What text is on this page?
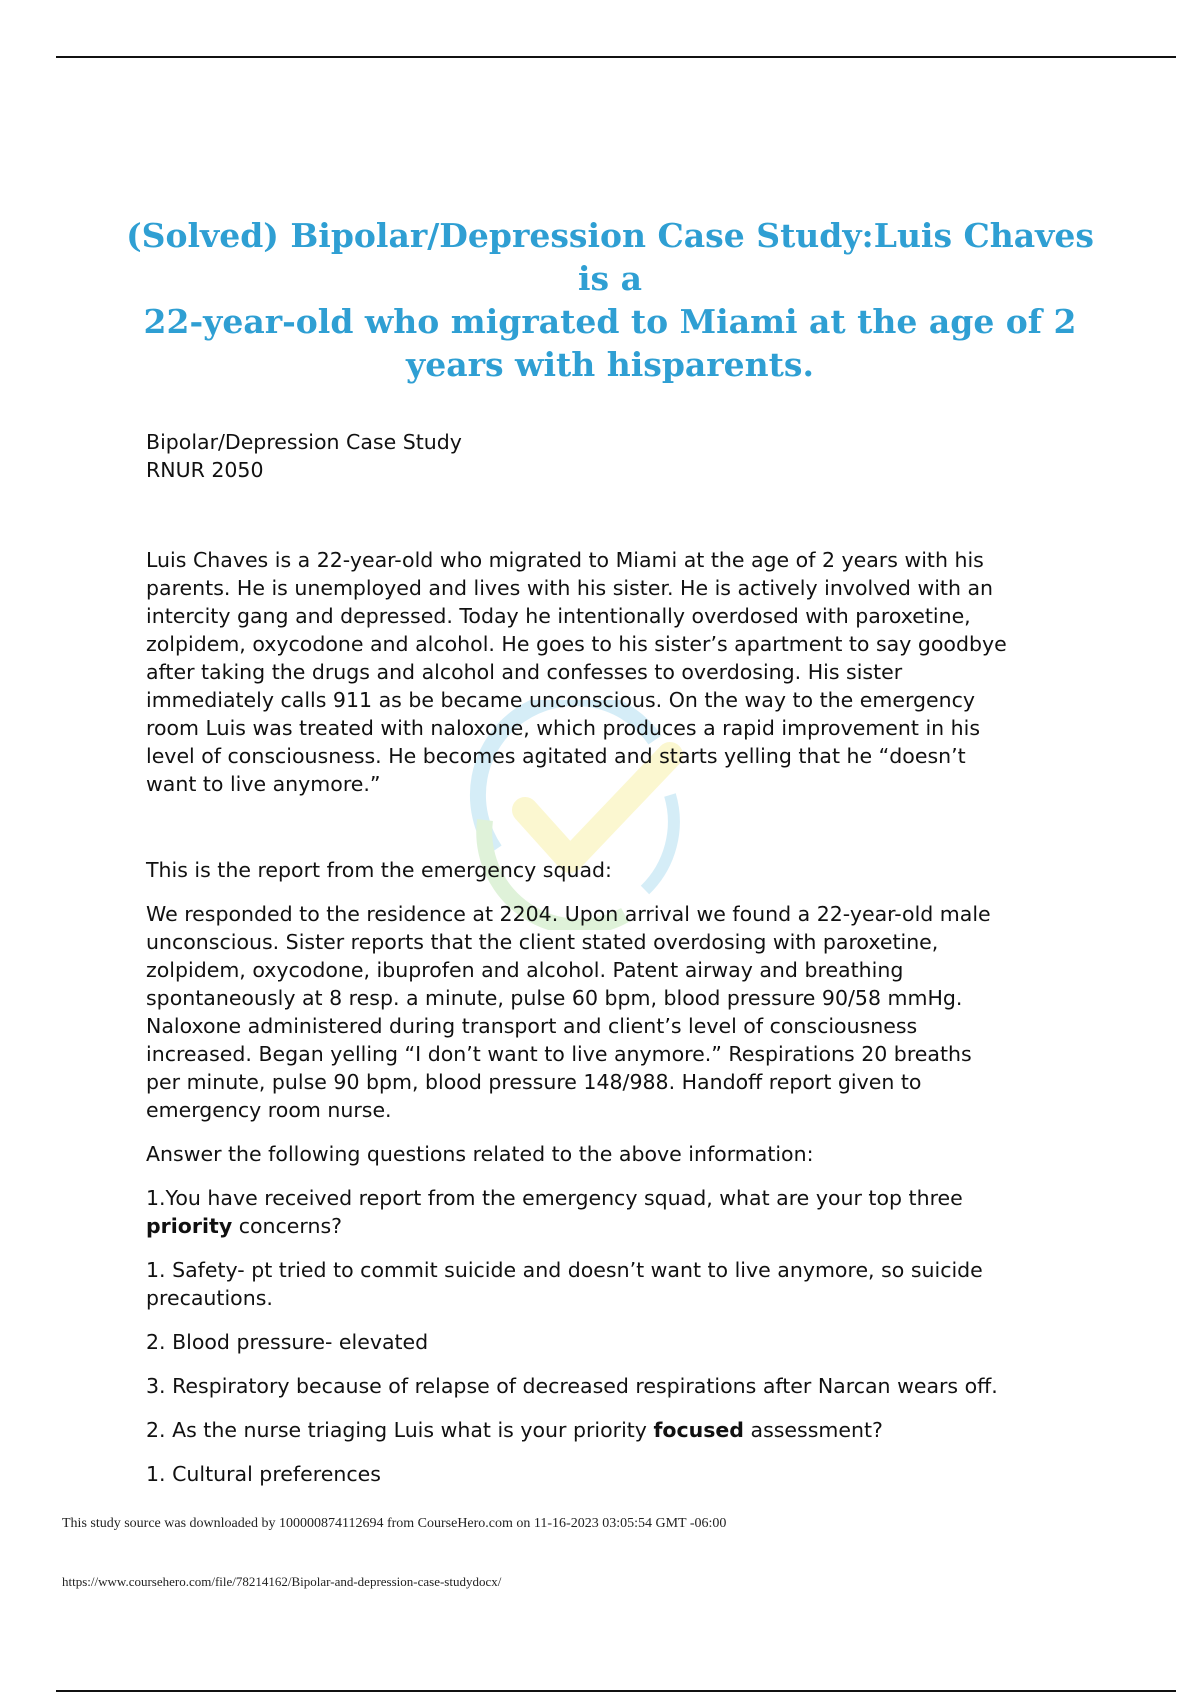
(Solved) Bipolar/Depression Case Study:Luis Chaves is a
22-year-old who migrated to Miami at the age of 2
years with hisparents.

Bipolar/Depression Case Study
RNUR 2050

Luis Chaves is a 22-year-old who migrated to Miami at the age of 2 years with his
parents. He is unemployed and lives with his sister. He is actively involved with an
intercity gang and depressed. Today he intentionally overdosed with paroxetine,
zolpidem, oxycodone and alcohol. He goes to his sister’s apartment to say goodbye
after taking the drugs and alcohol and confesses to overdosing. His sister
immediately calls 911 as be became unconscious. On the way to the emergency
room Luis was treated with naloxone, which produces a rapid improvement in his
level of consciousness. He becomes agitated and starts yelling that he “doesn’t
want to live anymore.”

This is the report from the emergency squad:

We responded to the residence at 2204. Upon arrival we found a 22-year-old male
unconscious. Sister reports that the client stated overdosing with paroxetine,
zolpidem, oxycodone, ibuprofen and alcohol. Patent airway and breathing
spontaneously at 8 resp. a minute, pulse 60 bpm, blood pressure 90/58 mmHg.
Naloxone administered during transport and client’s level of consciousness
increased. Began yelling “I don’t want to live anymore.” Respirations 20 breaths
per minute, pulse 90 bpm, blood pressure 148/988. Handoff report given to
emergency room nurse.

Answer the following questions related to the above information:

1.You have received report from the emergency squad, what are your top three
priority concerns?

1. Safety- pt tried to commit suicide and doesn’t want to live anymore, so suicide
precautions.

2. Blood pressure- elevated

3. Respiratory because of relapse of decreased respirations after Narcan wears off.

2. As the nurse triaging Luis what is your priority focused assessment?

1. Cultural preferences

This study source was downloaded by 100000874112694 from CourseHero.com on 11-16-2023 03:05:54 GMT -06:00
https://www.coursehero.com/file/78214162/Bipolar-and-depression-case-studydocx/
